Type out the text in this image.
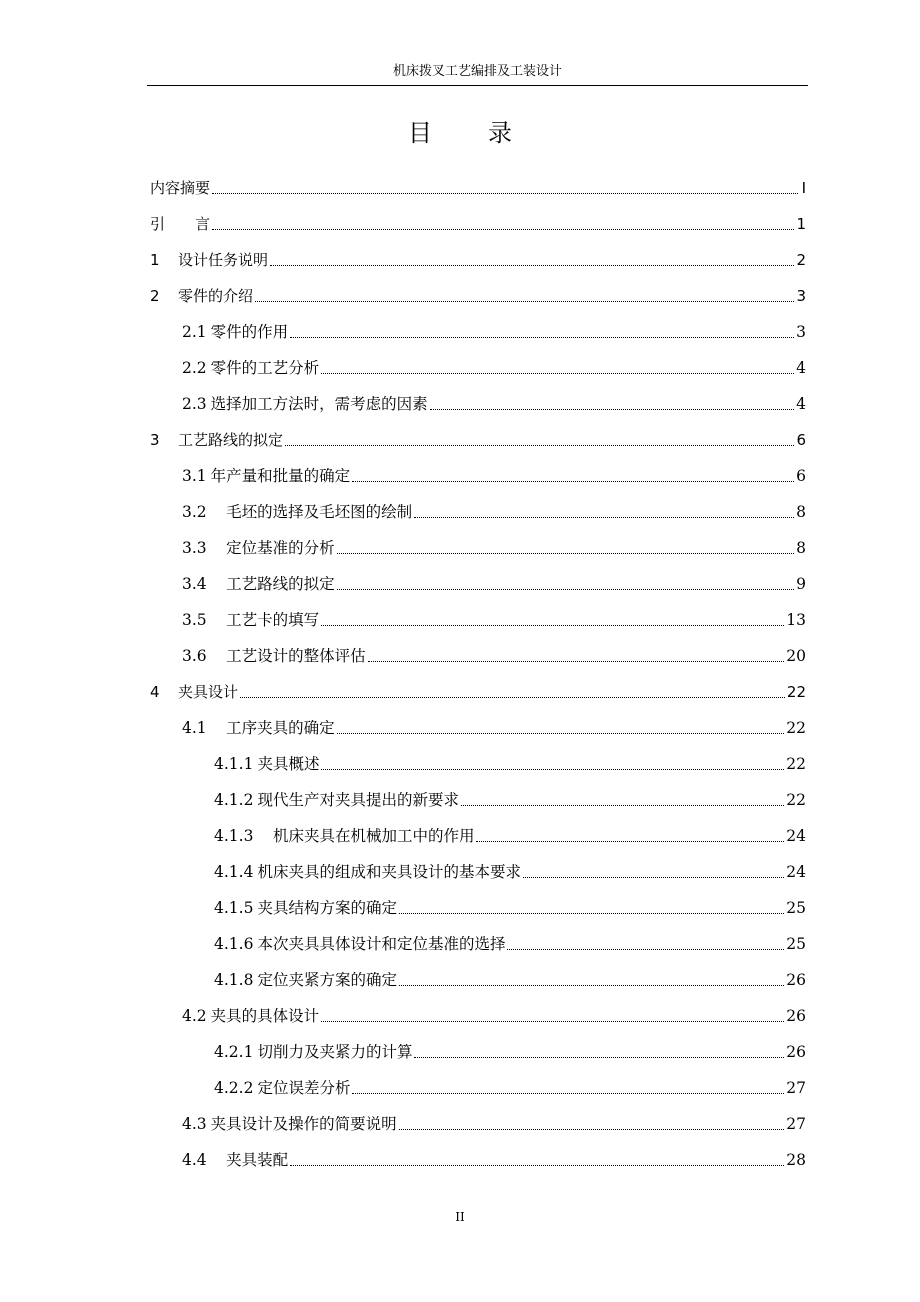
机床拨叉工艺编排及工装设计
目 录
内容摘要	I
引　　言	1
1	设计任务说明	2
2	零件的介绍	3
2.1 零件的作用	3
2.2 零件的工艺分析	4
2.3 选择加工方法时，需考虑的因素	4
3	工艺路线的拟定	6
3.1 年产量和批量的确定	6
3.2 　毛坯的选择及毛坯图的绘制	8
3.3 　定位基准的分析	8
3.4 　工艺路线的拟定	9
3.5 　工艺卡的填写	13
3.6 　工艺设计的整体评估	20
4	夹具设计	22
4.1 　工序夹具的确定	22
4.1.1 夹具概述	22
4.1.2 现代生产对夹具提出的新要求	22
4.1.3 　机床夹具在机械加工中的作用	24
4.1.4 机床夹具的组成和夹具设计的基本要求	24
4.1.5 夹具结构方案的确定	25
4.1.6 本次夹具具体设计和定位基准的选择	25
4.1.8 定位夹紧方案的确定	26
4.2 夹具的具体设计	26
4.2.1 切削力及夹紧力的计算	26
4.2.2 定位误差分析	27
4.3 夹具设计及操作的简要说明	27
4.4 　夹具装配	28
II
